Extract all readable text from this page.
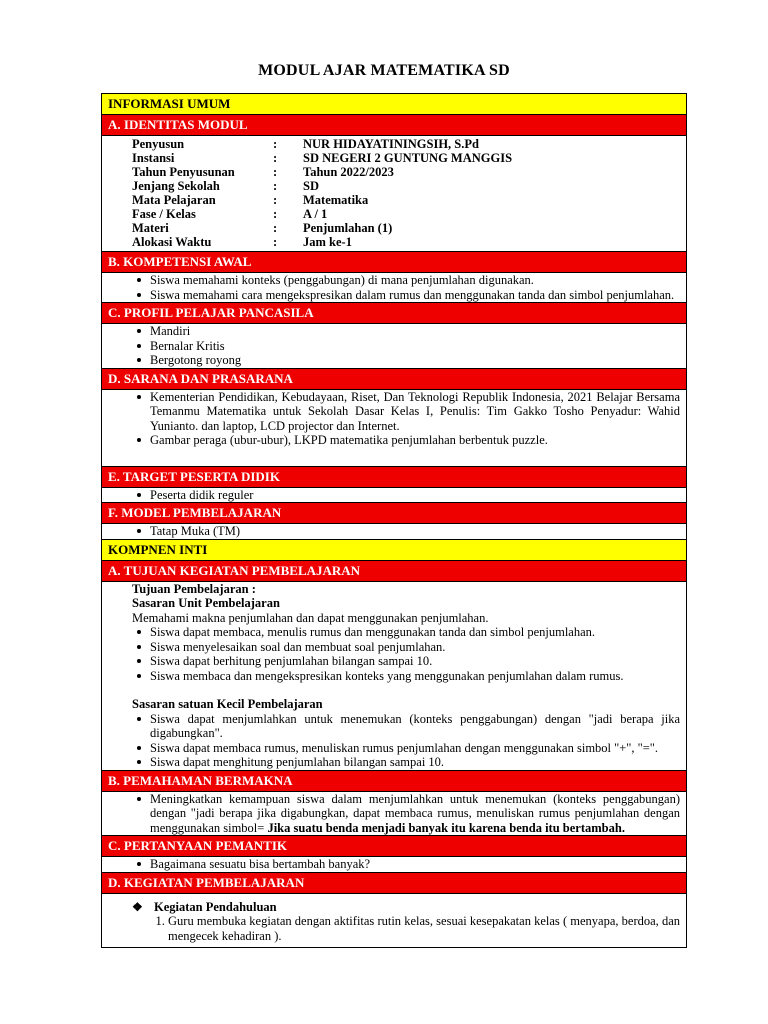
MODUL AJAR MATEMATIKA SD
INFORMASI UMUM
A. IDENTITAS MODUL
Penyusun	:	NUR HIDAYATININGSIH, S.Pd
Instansi	:	SD NEGERI 2 GUNTUNG MANGGIS
Tahun Penyusunan	:	Tahun 2022/2023
Jenjang Sekolah	:	SD
Mata Pelajaran	:	Matematika
Fase / Kelas	:	A / 1
Materi	:	Penjumlahan (1)
Alokasi Waktu	:	Jam ke-1
B. KOMPETENSI AWAL
Siswa memahami konteks (penggabungan) di mana penjumlahan digunakan.
Siswa memahami cara mengekspresikan dalam rumus dan menggunakan tanda dan simbol penjumlahan.
C. PROFIL PELAJAR PANCASILA
Mandiri
Bernalar Kritis
Bergotong royong
D. SARANA DAN PRASARANA
Kementerian Pendidikan, Kebudayaan, Riset, Dan Teknologi Republik Indonesia, 2021 Belajar Bersama Temanmu Matematika untuk Sekolah Dasar Kelas I, Penulis: Tim Gakko Tosho Penyadur: Wahid Yunianto. dan laptop, LCD projector dan Internet.
Gambar peraga (ubur-ubur), LKPD matematika penjumlahan berbentuk puzzle.
E. TARGET PESERTA DIDIK
Peserta didik reguler
F. MODEL PEMBELAJARAN
Tatap Muka (TM)
KOMPNEN INTI
A. TUJUAN KEGIATAN PEMBELAJARAN
Tujuan Pembelajaran :
Sasaran Unit Pembelajaran
Memahami makna penjumlahan dan dapat menggunakan penjumlahan.
Siswa dapat membaca, menulis rumus dan menggunakan tanda dan simbol penjumlahan.
Siswa menyelesaikan soal dan membuat soal penjumlahan.
Siswa dapat berhitung penjumlahan bilangan sampai 10.
Siswa membaca dan mengekspresikan konteks yang menggunakan penjumlahan dalam rumus.
Sasaran satuan Kecil Pembelajaran
Siswa dapat menjumlahkan untuk menemukan (konteks penggabungan) dengan "jadi berapa jika digabungkan".
Siswa dapat membaca rumus, menuliskan rumus penjumlahan dengan menggunakan simbol "+", "=".
Siswa dapat menghitung penjumlahan bilangan sampai 10.
B. PEMAHAMAN BERMAKNA
Meningkatkan kemampuan siswa dalam menjumlahkan untuk menemukan (konteks penggabungan) dengan "jadi berapa jika digabungkan, dapat membaca rumus, menuliskan rumus penjumlahan dengan menggunakan simbol= Jika suatu benda menjadi banyak itu karena benda itu bertambah.
C. PERTANYAAN PEMANTIK
Bagaimana sesuatu bisa bertambah banyak?
D. KEGIATAN PEMBELAJARAN
❖ Kegiatan Pendahuluan
1. Guru membuka kegiatan dengan aktifitas rutin kelas, sesuai kesepakatan kelas ( menyapa, berdoa, dan mengecek kehadiran ).
